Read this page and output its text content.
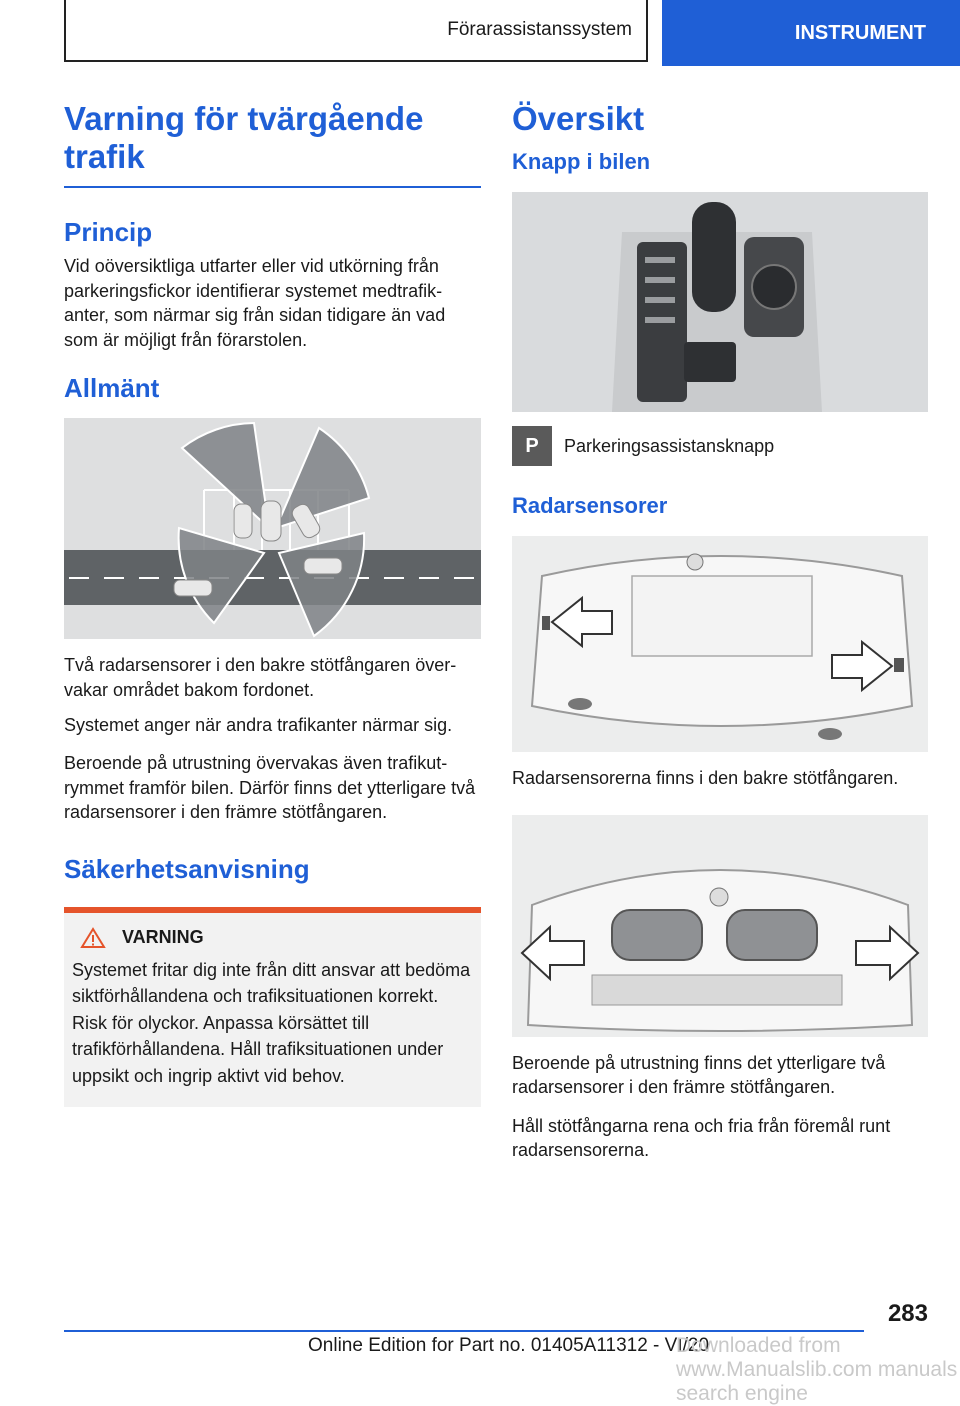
Förarassistanssystem	INSTRUMENT
Varning för tvärgående trafik
Princip

Vid oöversiktliga utfarter eller vid utkörning från parkeringsfickor identifierar systemet medtrafikanter, som närmar sig från sidan tidigare än vad som är möjligt från förarstolen.

Allmänt

Två radarsensorer i den bakre stötfångaren övervakar området bakom fordonet.

Systemet anger när andra trafikanter närmar sig.

Beroende på utrustning övervakas även trafikutrymmet framför bilen. Därför finns det ytterligare två radarsensorer i den främre stötfångaren.

Säkerhetsanvisning
VARNING

Systemet fritar dig inte från ditt ansvar att bedöma siktförhållandena och trafiksituationen korrekt. Risk för olyckor. Anpassa körsättet till trafikförhållandena. Håll trafiksituationen under uppsikt och ingrip aktivt vid behov.

Översikt
Knapp i bilen
P	Parkeringsassistansknapp
Radarsensorer

Radarsensorerna finns i den bakre stötfångaren.

Beroende på utrustning finns det ytterligare två radarsensorer i den främre stötfångaren.

Håll stötfångarna rena och fria från föremål runt radarsensorerna.

283
Online Edition for Part no. 01405A11312 - VI/20
Downloaded from www.Manualslib.com manuals search engine
